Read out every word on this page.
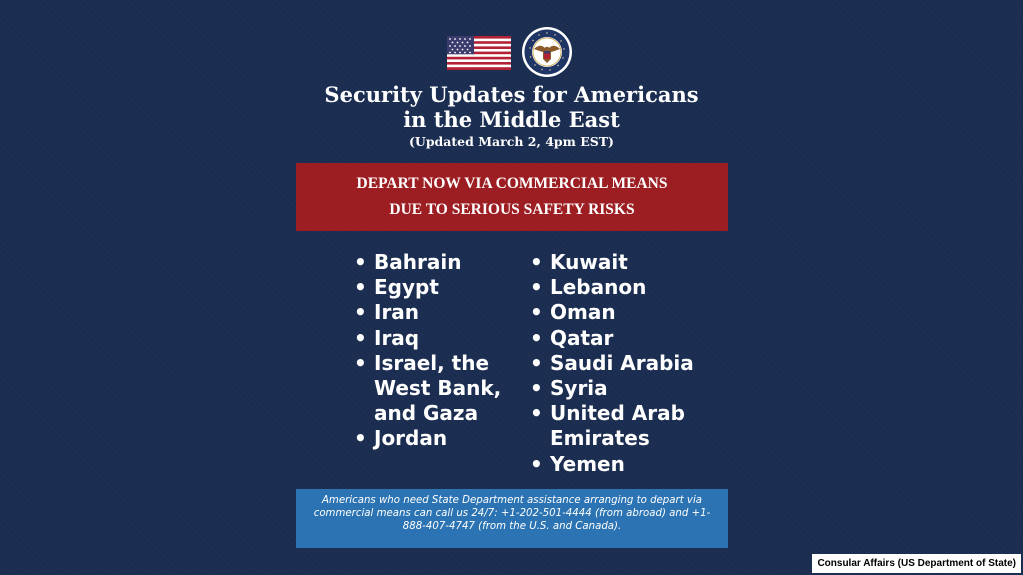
Security Updates for Americans
in the Middle East
(Updated March 2, 4pm EST)
DEPART NOW VIA COMMERCIAL MEANS
DUE TO SERIOUS SAFETY RISKS
• Bahrain
• Egypt
• Iran
• Iraq
• Israel, the West Bank, and Gaza
• Jordan
• Kuwait
• Lebanon
• Oman
• Qatar
• Saudi Arabia
• Syria
• United Arab Emirates
• Yemen
Americans who need State Department assistance arranging to depart via commercial means can call us 24/7: +1-202-501-4444 (from abroad) and +1-888-407-4747 (from the U.S. and Canada).
Consular Affairs (US Department of State)
